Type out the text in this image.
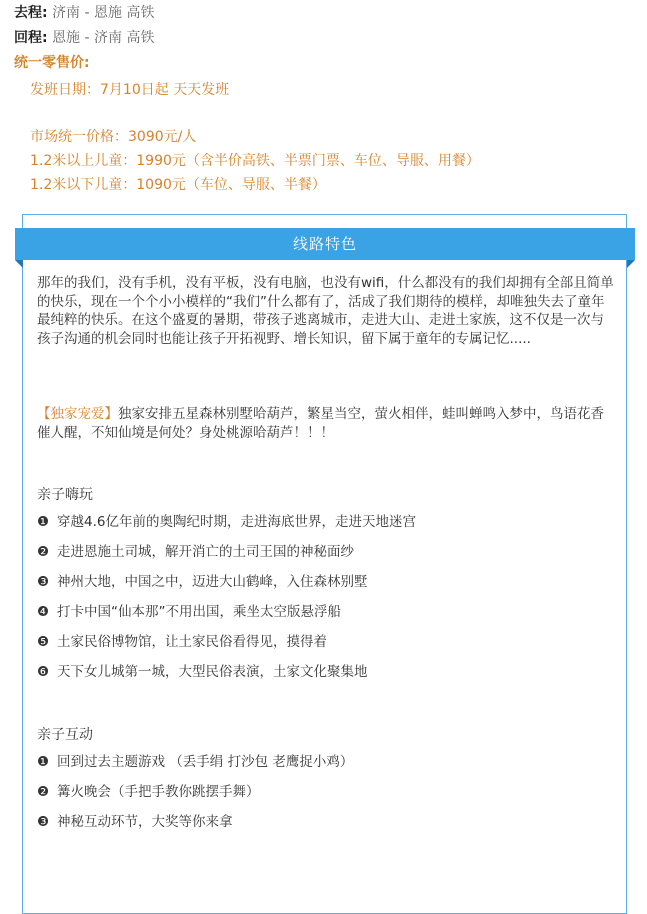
去程: 济南 - 恩施 高铁
回程: 恩施 - 济南 高铁
统一零售价:
发班日期：7月10日起 天天发班
市场统一价格：3090元/人
1.2米以上儿童：1990元（含半价高铁、半票门票、车位、导服、用餐）
1.2米以下儿童：1090元（车位、导服、半餐）
线路特色
那年的我们，没有手机，没有平板，没有电脑，也没有wifi，什么都没有的我们却拥有全部且简单的快乐，现在一个个小小模样的“我们”什么都有了，活成了我们期待的模样，却唯独失去了童年最纯粹的快乐。在这个盛夏的暑期，带孩子逃离城市，走进大山、走进土家族，这不仅是一次与孩子沟通的机会同时也能让孩子开拓视野、增长知识，留下属于童年的专属记忆.....
【独家宠爱】独家安排五星森林别墅哈葫芦，繁星当空，萤火相伴，蛙叫蝉鸣入梦中，鸟语花香催人醒，不知仙境是何处？身处桃源哈葫芦！！！
亲子嗨玩
❶ 穿越4.6亿年前的奥陶纪时期，走进海底世界，走进天地迷宫
❷ 走进恩施土司城，解开消亡的土司王国的神秘面纱
❸ 神州大地，中国之中，迈进大山鹤峰，入住森林别墅
❹ 打卡中国“仙本那”不用出国，乘坐太空版悬浮船
❺ 土家民俗博物馆，让土家民俗看得见，摸得着
❻ 天下女儿城第一城，大型民俗表演，土家文化聚集地
亲子互动
❶ 回到过去主题游戏 （丢手绢 打沙包 老鹰捉小鸡）
❷ 篝火晚会（手把手教你跳摆手舞）
❸ 神秘互动环节，大奖等你来拿
